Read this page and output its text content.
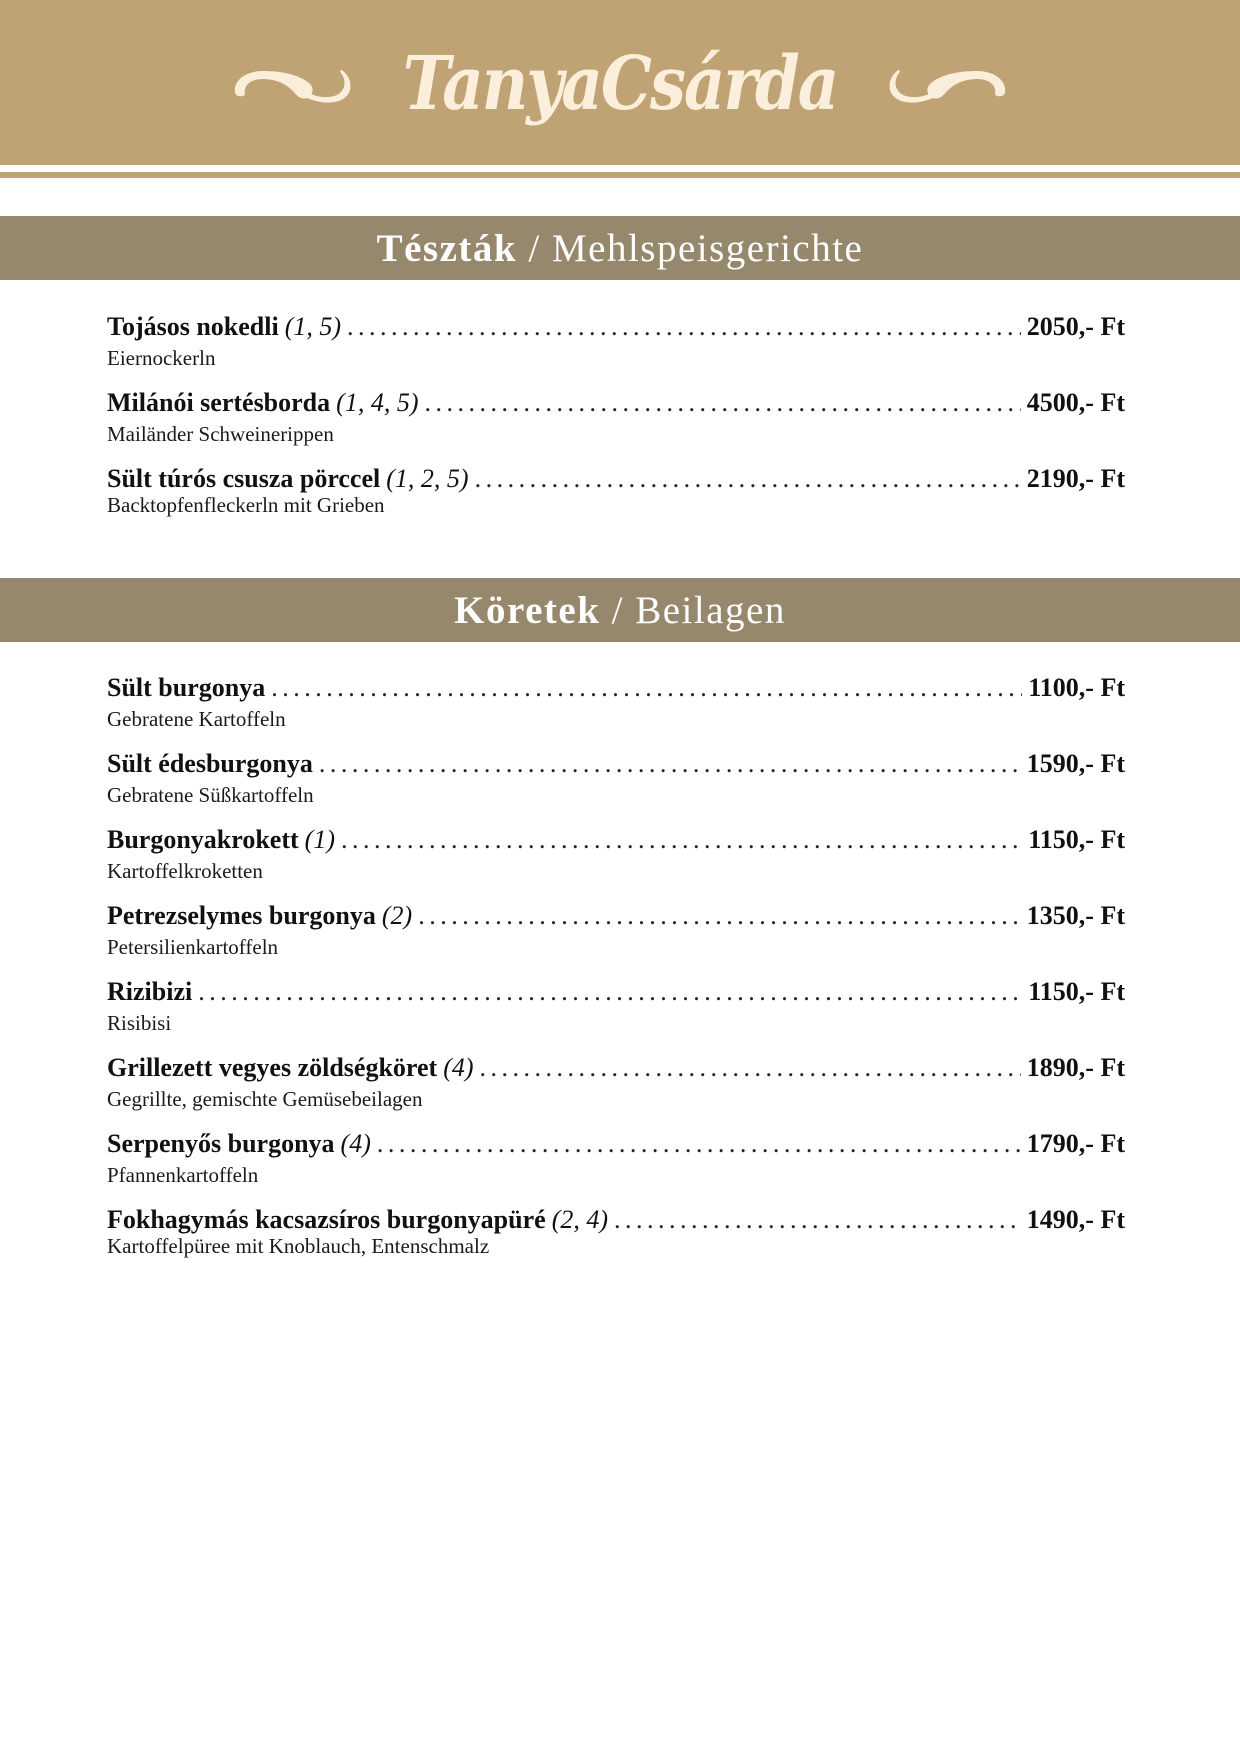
TanyaCsárda
Tészták / Mehlspeisgerichte
Tojásos nokedli (1, 5) .....	2050,- Ft
Eiernockerln
Milánói sertésborda (1, 4, 5) .....	4500,- Ft
Mailänder Schweinerippen
Sült túrós csusza pörccel (1, 2, 5) .....	2190,- Ft
Backtopfenfleckerln mit Grieben
Köretek / Beilagen
Sült burgonya .....	1100,- Ft
Gebratene Kartoffeln
Sült édesburgonya .....	1590,- Ft
Gebratene Süßkartoffeln
Burgonyakrokett (1) .....	1150,- Ft
Kartoffelkroketten
Petrezselymes burgonya (2) .....	1350,- Ft
Petersilienkartoffeln
Rizibizi .....	1150,- Ft
Risibisi
Grillezett vegyes zöldségköret (4) .....	1890,- Ft
Gegrillte, gemischte Gemüsebeilagen
Serpenyős burgonya (4) .....	1790,- Ft
Pfannenkartoffeln
Fokhagymás kacsazsíros burgonyapüré (2, 4) .....	1490,- Ft
Kartoffelpüree mit Knoblauch, Entenschmalz
